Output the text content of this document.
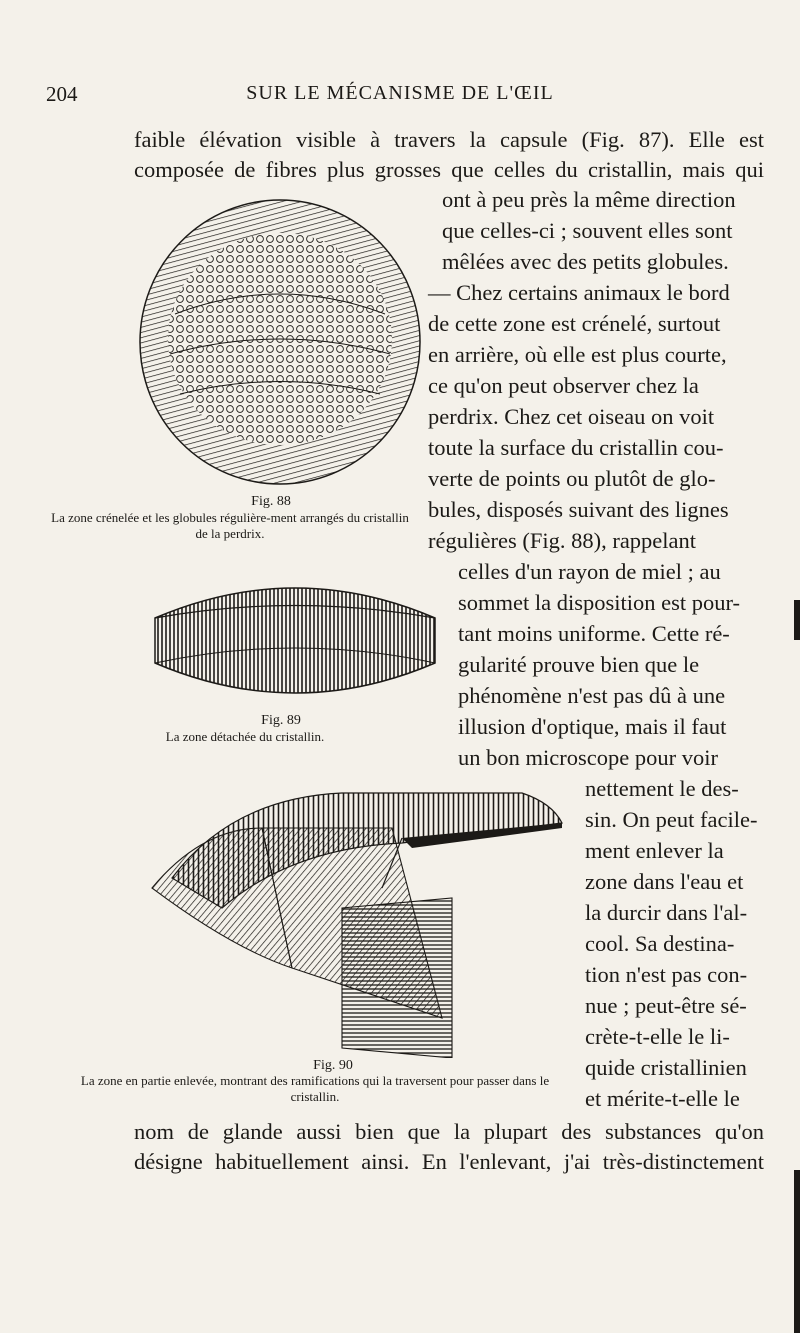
204	SUR LE MÉCANISME DE L'ŒIL
faible élévation visible à travers la capsule (Fig. 87). Elle est
composée de fibres plus grosses que celles du cristallin, mais qui
ont à peu près la même direction
que celles-ci ; souvent elles sont
mêlées avec des petits globules.
— Chez certains animaux le bord
de cette zone est crénelé, surtout
en arrière, où elle est plus courte,
ce qu'on peut observer chez la
perdrix. Chez cet oiseau on voit
toute la surface du cristallin cou-
verte de points ou plutôt de glo-
bules, disposés suivant des lignes
régulières (Fig. 88), rappelant
celles d'un rayon de miel ; au
sommet la disposition est pour-
tant moins uniforme. Cette ré-
gularité prouve bien que le
phénomène n'est pas dû à une
illusion d'optique, mais il faut
un bon microscope pour voir
nettement le des-
sin. On peut facile-
ment enlever la
zone dans l'eau et
la durcir dans l'al-
cool. Sa destina-
tion n'est pas con-
nue ; peut-être sé-
crète-t-elle le li-
quide cristallinien
et mérite-t-elle le
nom de glande aussi bien que la plupart des substances qu'on
désigne habituellement ainsi. En l'enlevant, j'ai très-distinctement
Fig. 88
La zone crénelée et les globules régulière-ment arrangés du cristallin de la perdrix.
Fig. 89
La zone détachée du cristallin.
Fig. 90
La zone en partie enlevée, montrant des ramifications qui la traversent pour passer dans le cristallin.
